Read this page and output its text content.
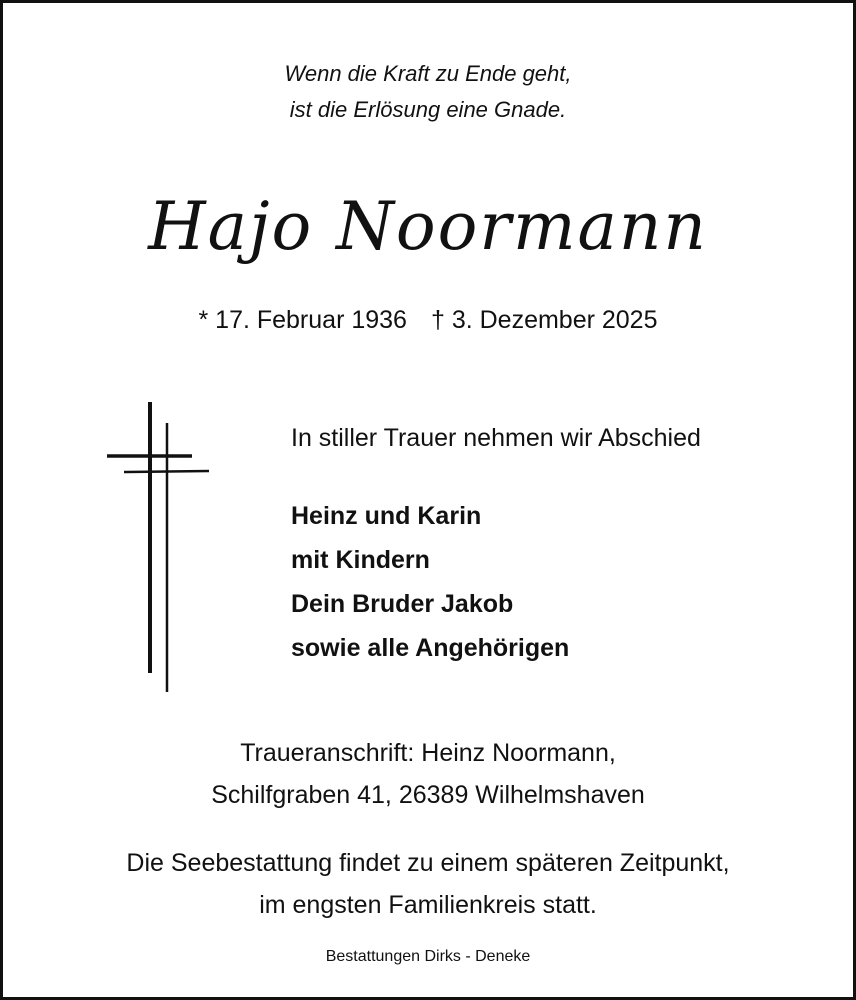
Wenn die Kraft zu Ende geht,
ist die Erlösung eine Gnade.
Hajo Noormann
* 17. Februar 1936 † 3. Dezember 2025
In stiller Trauer nehmen wir Abschied
Heinz und Karin
mit Kindern
Dein Bruder Jakob
sowie alle Angehörigen
Traueranschrift: Heinz Noormann,
Schilfgraben 41, 26389 Wilhelmshaven
Die Seebestattung findet zu einem späteren Zeitpunkt,
im engsten Familienkreis statt.
Bestattungen Dirks - Deneke
